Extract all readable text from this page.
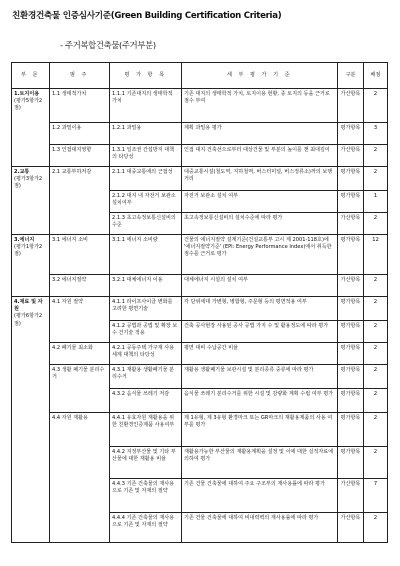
친환경건축물 인증심사기준(Green Building Certification Criteria)
- 주거복합건축물(주거부분)
부 문	범 주	평 가 항 목	세 부 평 가 기 준	구분	배점

1.토지이용
(평가5항가2점)	1.1 생태적가치	1.1.1 기존대지의 생태학적 가치	기존 대지의 생태학적 가치, 토지이용 현황, 종 토지의 등을 근거로 점수 부여	가산항목	2
	1.2 과밀이용	1.2.1 과밀용	계획 과밀용 평가	평가항목	3
	1.3 인접대지영향	1.3.1 일조권 간섭방지 대책의 타당성	인접 대지 건축선으로부터 대상건물 및 부분의 높이를 잰 최대깊이	가산항목	2

2.교통
(평가3항가2점)	2.1 교통부하저감	2.1.1 대중교통에의 근접성	대중교통시설(철도역, 지하철역, 버스터미널, 버스정류소)까의 보행거리	평가항목	2
		2.1.2 대지 내 자전거 보관소 설치여부	자전거 보관소 설치 여부	평가항목	1
		2.1.3 초고속정보통신설비의 수준	초고속정보통신설비의 설치수준에 따라 평가	가산항목	2

3.에너지
(평가1항가2점)	3.1 에너지 소비	3.1.1 에너지 소비량	건물의 에너지절약 설계기준(건설교통부 고시 제 2001-118호)에 '에너지절약기준' (EPI: Energy Performance Index)에서 취득한 점수를 근거로 평가	평가항목	12
	3.2 에너지절약	3.2.1 대체에너지 이용	대체에너지 시설의 설치 여부	가산항목	2

4.재료 및 자원
(평가6항가2점)	4.1 자원 절약	4.1.1 라이프사이클 변화를 고려한 평면기술	각 단위세대 가변형, 병합형, 주문형 등의 평면적용 여부	평가항목	2
		4.1.2 공법과 공법 및 확장 보수 건기술 적용	건축 공사현장 사용된 공사 공법 가지 수 및 활용정도에 따라 평가	평가항목	2
	4.2 폐기물 최소화	4.2.1 공동주택 가구재 사용세계 대책의 타당성	평면 대비 수납공간 비율	평가항목	2
	4.3 생활 폐기물 분리수거	4.3.1 재활용 생활폐기물 분리수거	재활용 생활폐기물 보관시설 및 분리종류 중류에 따라 평가	평가항목	2
		4.3.2 음식물 쓰레기 저감	음식물 쓰레기 분리수거를 위한 시설 및 감량화 계획 수립 여부 평가	평가항목	2
	4.4 자원 재활용	4.4.1 유효자원 재활용을 위한 친환경인증제품 사용여부	제 1유형, 제 3유형 환경마크 또는 GR마크의 재활용제품의 사용 여부를 평가	평가항목	2
		4.4.2 지정부산물 및 기타 부산물에 대한 재활용 비율	재활용가능한 부산물의 재활용계획을 설정 및 이에 대한 실적자료에 의하여 평가	평가항목	2
		4.4.3 기존 건축물의 재사용으로 기존 및 자재의 절약	기존 건물 건축물에 대하여 주요 구조부의 재사용률에 따라 평가	가산항목	7
		4.4.4 기존 건축물의 재사용으로 기존 및 자재의 절약	기존 건물 건축물에 대하여 비내력벽의 재사용률에 따라 평가	가산항목	2
